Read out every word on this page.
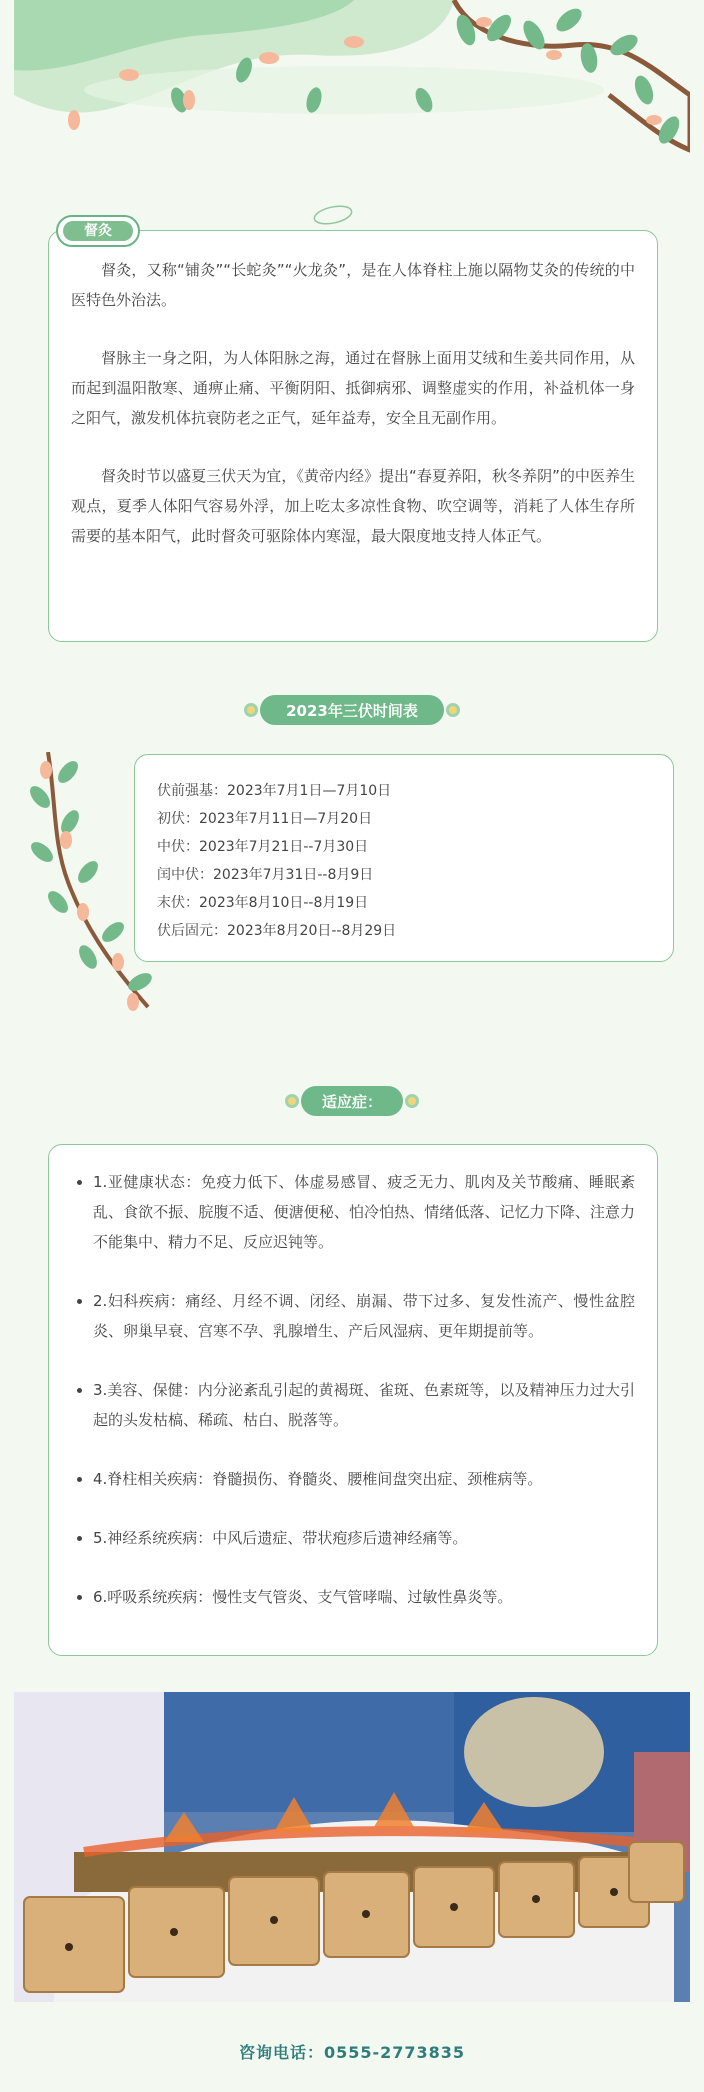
督灸，又称“铺灸”“长蛇灸”“火龙灸”，是在人体脊柱上施以隔物艾灸的传统的中医特色外治法。

督脉主一身之阳，为人体阳脉之海，通过在督脉上面用艾绒和生姜共同作用，从而起到温阳散寒、通痹止痛、平衡阴阳、抵御病邪、调整虚实的作用，补益机体一身之阳气，激发机体抗衰防老之正气，延年益寿，安全且无副作用。

督灸时节以盛夏三伏天为宜，《黄帝内经》提出“春夏养阳，秋冬养阴”的中医养生观点，夏季人体阳气容易外浮，加上吃太多凉性食物、吹空调等，消耗了人体生存所需要的基本阳气，此时督灸可驱除体内寒湿，最大限度地支持人体正气。

督灸
2023年三伏时间表
伏前强基：2023年7月1日—7月10日
初伏：2023年7月11日—7月20日
中伏：2023年7月21日--7月30日
闰中伏：2023年7月31日--8月9日
末伏：2023年8月10日--8月19日
伏后固元：2023年8月20日--8月29日
适应症：
• 1.亚健康状态：免疫力低下、体虚易感冒、疲乏无力、肌肉及关节酸痛、睡眠紊乱、食欲不振、脘腹不适、便溏便秘、怕冷怕热、情绪低落、记忆力下降、注意力不能集中、精力不足、反应迟钝等。
• 2.妇科疾病：痛经、月经不调、闭经、崩漏、带下过多、复发性流产、慢性盆腔炎、卵巢早衰、宫寒不孕、乳腺增生、产后风湿病、更年期提前等。
• 3.美容、保健：内分泌紊乱引起的黄褐斑、雀斑、色素斑等，以及精神压力过大引起的头发枯槁、稀疏、枯白、脱落等。
• 4.脊柱相关疾病：脊髓损伤、脊髓炎、腰椎间盘突出症、颈椎病等。
• 5.神经系统疾病：中风后遗症、带状疱疹后遗神经痛等。
• 6.呼吸系统疾病：慢性支气管炎、支气管哮喘、过敏性鼻炎等。
咨询电话：0555-2773835
